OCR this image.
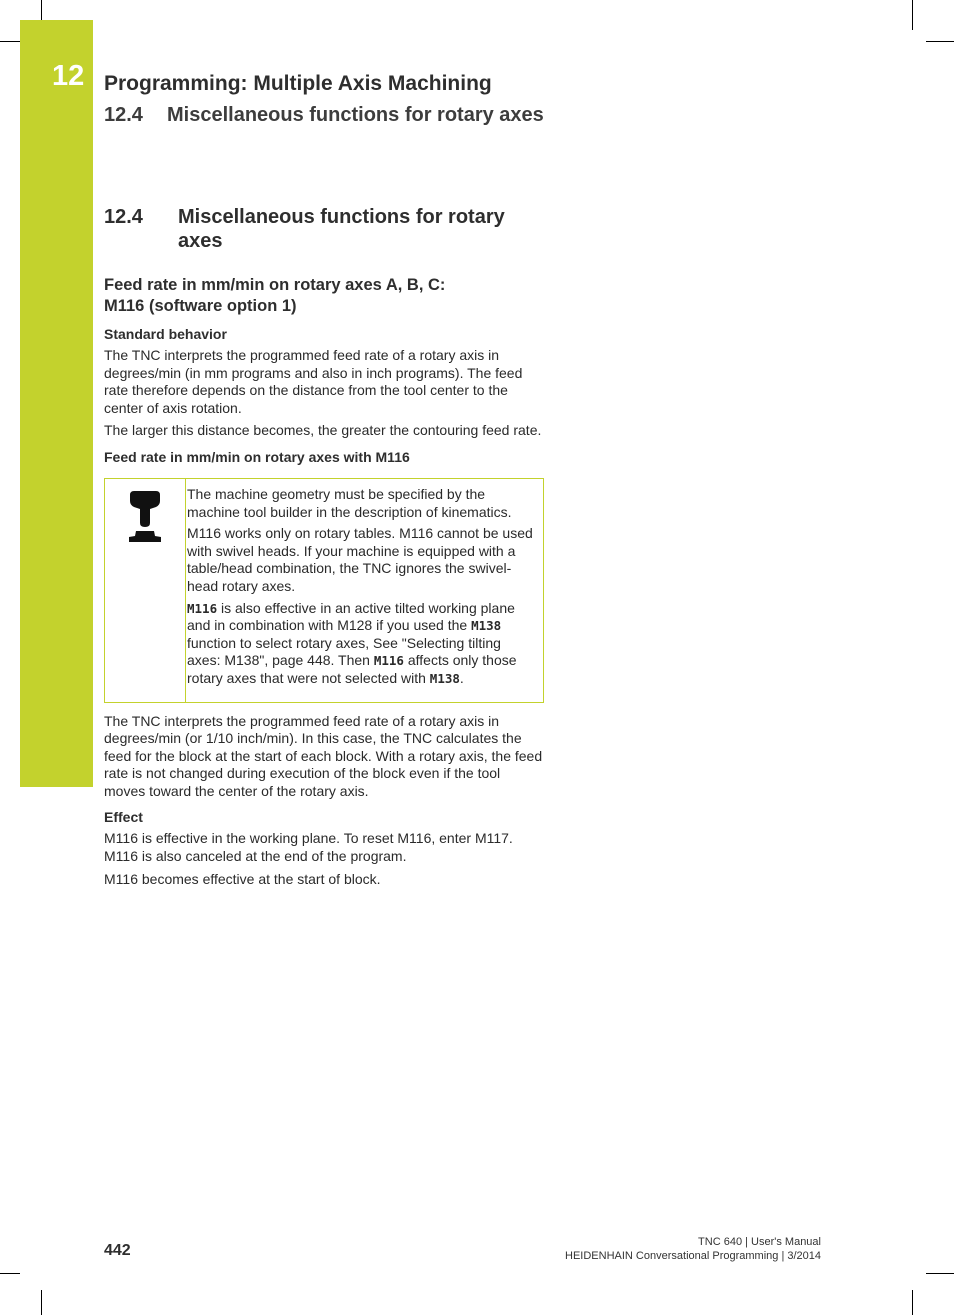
12 Programming: Multiple Axis Machining
12.4 Miscellaneous functions for rotary axes
12.4	Miscellaneous functions for rotary
axes
Feed rate in mm/min on rotary axes A, B, C:
M116 (software option 1)
Standard behavior

The TNC interprets the programmed feed rate of a rotary axis in degrees/min (in mm programs and also in inch programs). The feed rate therefore depends on the distance from the tool center to the center of axis rotation.

The larger this distance becomes, the greater the contouring feed rate.

Feed rate in mm/min on rotary axes with M116

The machine geometry must be specified by the machine tool builder in the description of kinematics.

M116 works only on rotary tables. M116 cannot be used with swivel heads. If your machine is equipped with a table/head combination, the TNC ignores the swivel-head rotary axes.

M116 is also effective in an active tilted working plane and in combination with M128 if you used the M138 function to select rotary axes, See "Selecting tilting axes: M138", page 448. Then M116 affects only those rotary axes that were not selected with M138.

The TNC interprets the programmed feed rate of a rotary axis in degrees/min (or 1/10 inch/min). In this case, the TNC calculates the feed for the block at the start of each block. With a rotary axis, the feed rate is not changed during execution of the block even if the tool moves toward the center of the rotary axis.

Effect

M116 is effective in the working plane. To reset M116, enter M117. M116 is also canceled at the end of the program.

M116 becomes effective at the start of block.

442	TNC 640 | User's Manual
HEIDENHAIN Conversational Programming | 3/2014
